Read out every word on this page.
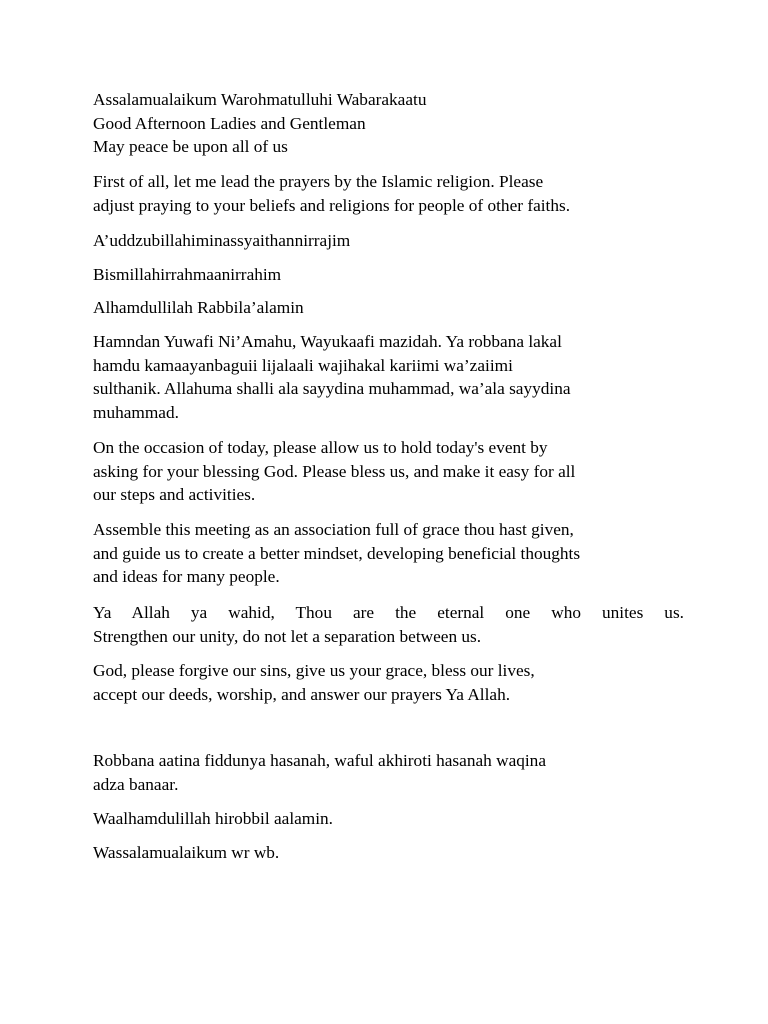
Assalamualaikum Warohmatulluhi Wabarakaatu
Good Afternoon Ladies and Gentleman
May peace be upon all of us
First of all, let me lead the prayers by the Islamic religion. Please
adjust praying to your beliefs and religions for people of other faiths.
A’uddzubillahiminassyaithannirrajim
Bismillahirrahmaanirrahim
Alhamdullilah Rabbila’alamin
Hamndan Yuwafi Ni’Amahu, Wayukaafi mazidah. Ya robbana lakal
hamdu kamaayanbaguii lijalaali wajihakal kariimi wa’zaiimi
sulthanik. Allahuma shalli ala sayydina muhammad, wa’ala sayydina
muhammad.
On the occasion of today, please allow us to hold today's event by
asking for your blessing God. Please bless us, and make it easy for all
our steps and activities.
Assemble this meeting as an association full of grace thou hast given,
and guide us to create a better mindset, developing beneficial thoughts
and ideas for many people.
Ya Allah ya wahid, Thou are the eternal one who unites us.
Strengthen our unity, do not let a separation between us.
God, please forgive our sins, give us your grace, bless our lives,
accept our deeds, worship, and answer our prayers Ya Allah.
Robbana aatina fiddunya hasanah, waful akhiroti hasanah waqina
adza banaar.
Waalhamdulillah hirobbil aalamin.
Wassalamualaikum wr wb.
